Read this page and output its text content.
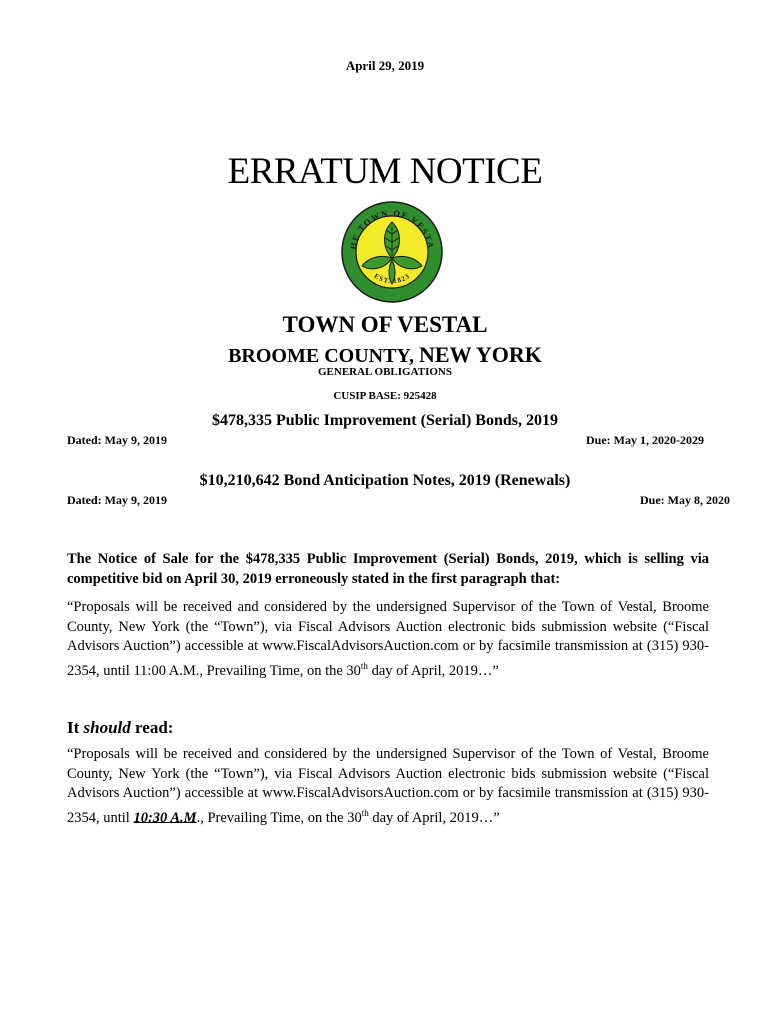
April 29, 2019
ERRATUM NOTICE
HE TOWN OF VESTA
EST. 1823
TOWN OF VESTAL
BROOME COUNTY, NEW YORK
GENERAL OBLIGATIONS
CUSIP BASE: 925428
$478,335 Public Improvement (Serial) Bonds, 2019
Dated: May 9, 2019	Due: May 1, 2020-2029
$10,210,642 Bond Anticipation Notes, 2019 (Renewals)
Dated: May 9, 2019	Due: May 8, 2020
The Notice of Sale for the $478,335 Public Improvement (Serial) Bonds, 2019, which is selling via competitive bid on April 30, 2019 erroneously stated in the first paragraph that:
“Proposals will be received and considered by the undersigned Supervisor of the Town of Vestal, Broome County, New York (the “Town”), via Fiscal Advisors Auction electronic bids submission website (“Fiscal Advisors Auction”) accessible at www.FiscalAdvisorsAuction.com or by facsimile transmission at (315) 930-2354, until 11:00 A.M., Prevailing Time, on the 30th day of April, 2019…”
It should read:
“Proposals will be received and considered by the undersigned Supervisor of the Town of Vestal, Broome County, New York (the “Town”), via Fiscal Advisors Auction electronic bids submission website (“Fiscal Advisors Auction”) accessible at www.FiscalAdvisorsAuction.com or by facsimile transmission at (315) 930-2354, until 10:30 A.M., Prevailing Time, on the 30th day of April, 2019…”
